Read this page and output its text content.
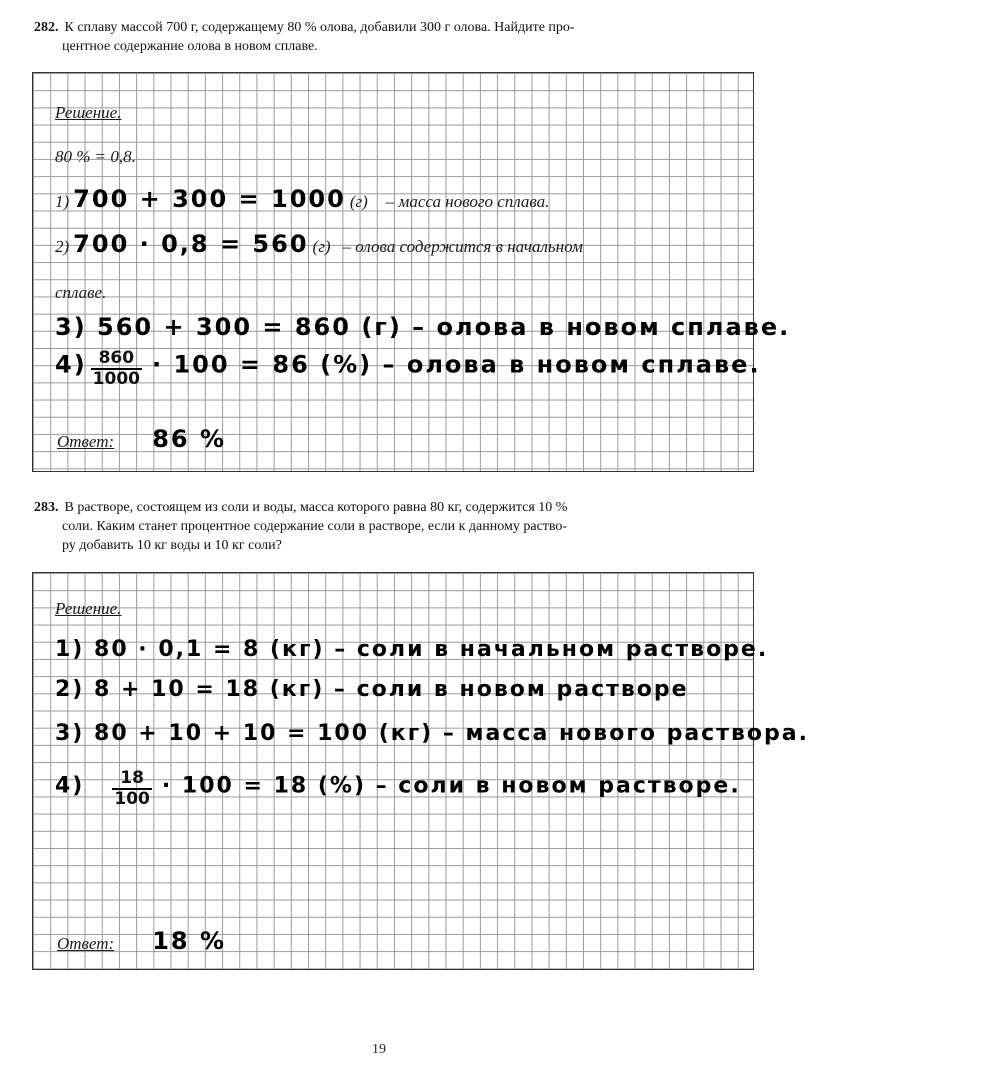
282. К сплаву массой 700 г, содержащему 80 % олова, добавили 300 г олова. Найдите про-
центное содержание олова в новом сплаве.
Решение.
80 % = 0,8.
1) 700 + 300 = 1000 (г) – масса нового сплава.
2) 700 · 0,8 = 560 (г) – олова содержится в начальном
сплаве.
3) 560 + 300 = 860 (г) – олова в новом сплаве.
$4) \frac{860}{1000} \cdot 100 = 86$ (%) – олова в новом сплаве.
Ответ: 86 %
283. В растворе, состоящем из соли и воды, масса которого равна 80 кг, содержится 10 %
соли. Каким станет процентное содержание соли в растворе, если к данному раство-
ру добавить 10 кг воды и 10 кг соли?
Решение.
1) 80 · 0,1 = 8 (кг) – соли в начальном растворе.
2) 8 + 10 = 18 (кг) – соли в новом растворе
3) 80 + 10 + 10 = 100 (кг) – масса нового раствора.
$4) \frac{18}{100} \cdot 100 = 18$ (%) – соли в новом растворе.
Ответ: 18 %
19
